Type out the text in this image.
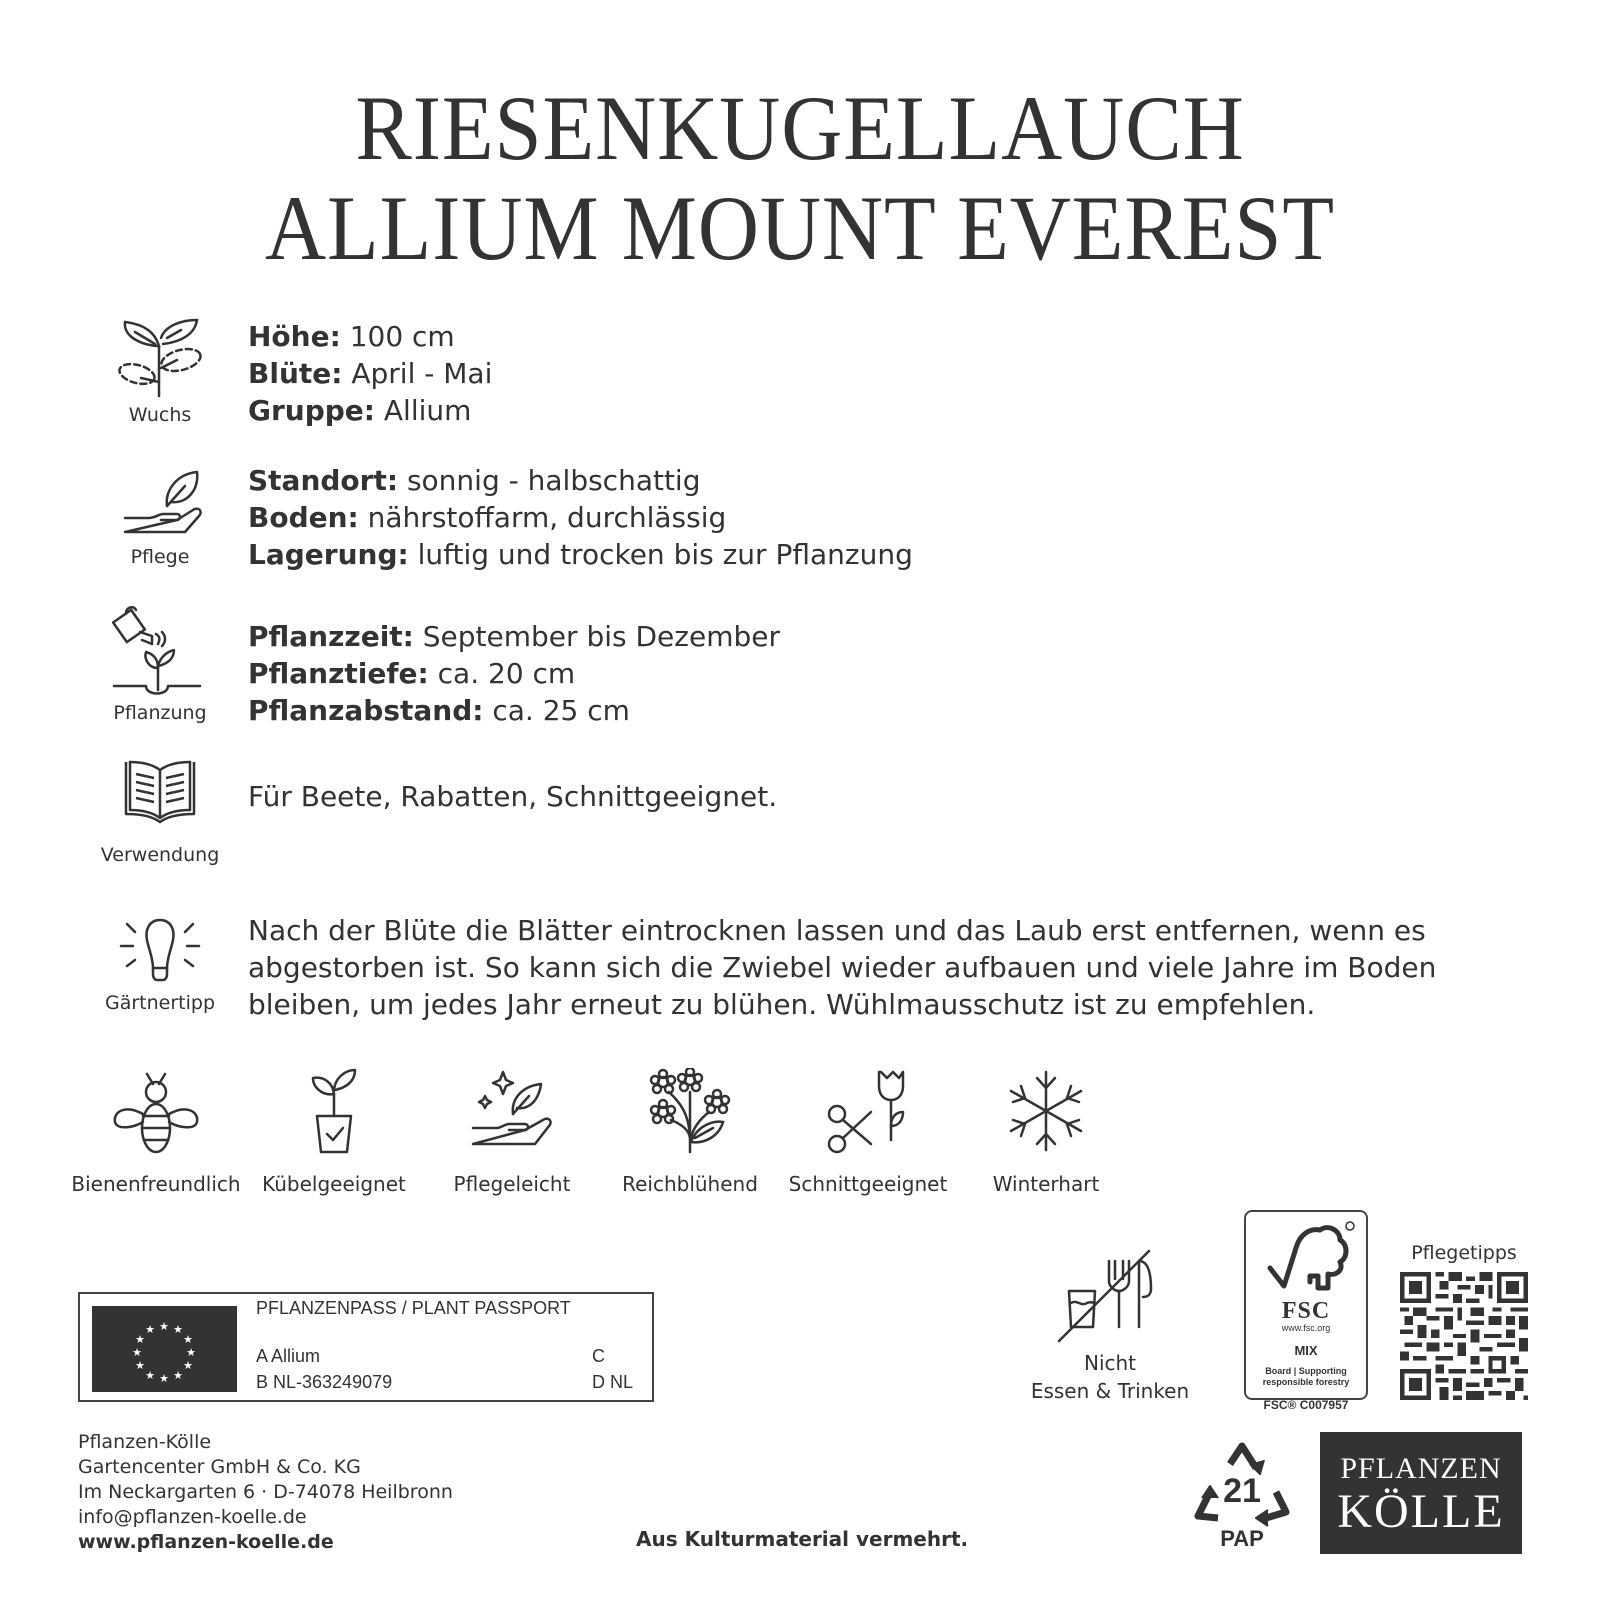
RIESENKUGELLAUCH
ALLIUM MOUNT EVEREST
Wuchs
Höhe: 100 cm
Blüte: April - Mai
Gruppe: Allium
Pflege
Standort: sonnig - halbschattig
Boden: nährstoffarm, durchlässig
Lagerung: luftig und trocken bis zur Pflanzung
Pflanzung
Pflanzzeit: September bis Dezember
Pflanztiefe: ca. 20 cm
Pflanzabstand: ca. 25 cm
Verwendung
Für Beete, Rabatten, Schnittgeeignet.
Gärtnertipp
Nach der Blüte die Blätter eintrocknen lassen und das Laub erst entfernen, wenn es
abgestorben ist. So kann sich die Zwiebel wieder aufbauen und viele Jahre im Boden
bleiben, um jedes Jahr erneut zu blühen. Wühlmausschutz ist zu empfehlen.
Bienenfreundlich	Kübelgeeignet	Pflegeleicht	Reichblühend	Schnittgeeignet	Winterhart
★
★ ★
★	★
★	★
★	★
★ ★
★
PFLANZENPASS / PLANT PASSPORT
A Allium
B NL-363249079
C
D NL
Nicht
Essen & Trinken
FSC
www.fsc.org
MIX
Board | Supporting
responsible forestry
FSC® C007957
Pflegetipps
Pflanzen-Kölle
Gartencenter GmbH & Co. KG
Im Neckargarten 6 · D-74078 Heilbronn
info@pflanzen-koelle.de
www.pflanzen-koelle.de	Aus Kulturmaterial vermehrt.
21
PAP
PFLANZEN
KÖLLE
